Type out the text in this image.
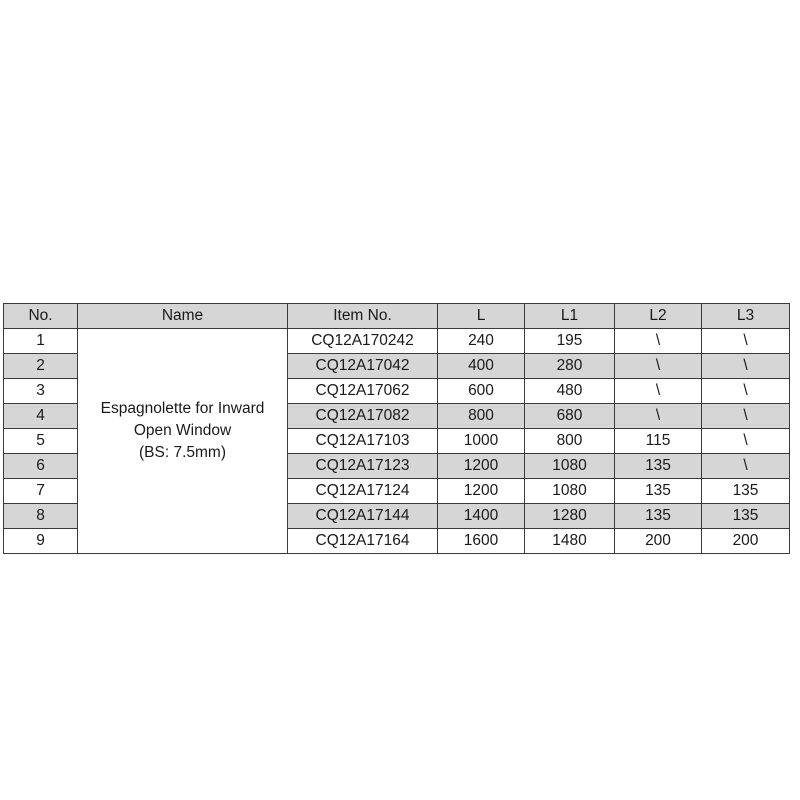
No.	Name	Item No.	L	L1	L2	L3
1	Espagnolette for Inward
Open Window
(BS: 7.5mm)	CQ12A170242	240	195	\	\
2		CQ12A17042	400	280	\	\
3		CQ12A17062	600	480	\	\
4		CQ12A17082	800	680	\	\
5		CQ12A17103	1000	800	115	\
6		CQ12A17123	1200	1080	135	\
7		CQ12A17124	1200	1080	135	135
8		CQ12A17144	1400	1280	135	135
9		CQ12A17164	1600	1480	200	200
